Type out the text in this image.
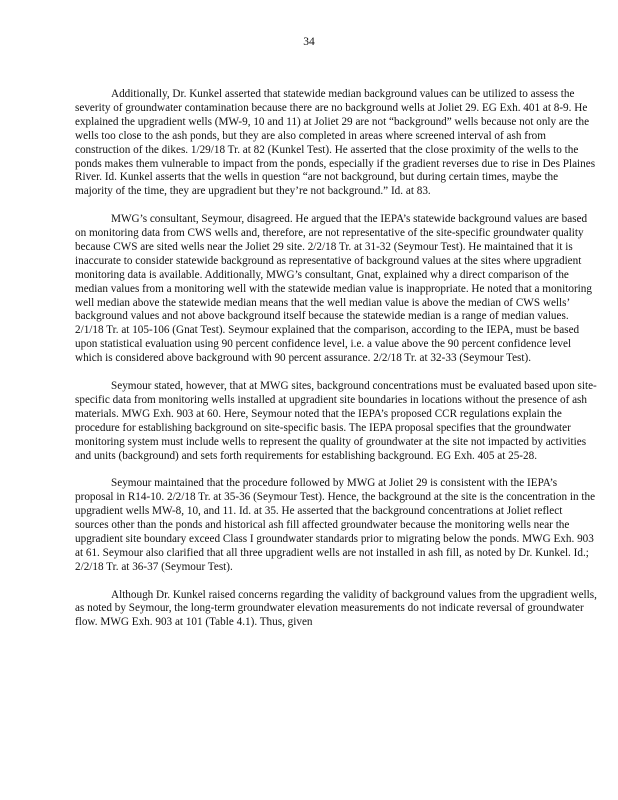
34

Additionally, Dr. Kunkel asserted that statewide median background values can be utilized to assess the severity of groundwater contamination because there are no background wells at Joliet 29. EG Exh. 401 at 8-9. He explained the upgradient wells (MW-9, 10 and 11) at Joliet 29 are not “background” wells because not only are the wells too close to the ash ponds, but they are also completed in areas where screened interval of ash from construction of the dikes. 1/29/18 Tr. at 82 (Kunkel Test). He asserted that the close proximity of the wells to the ponds makes them vulnerable to impact from the ponds, especially if the gradient reverses due to rise in Des Plaines River. Id. Kunkel asserts that the wells in question “are not background, but during certain times, maybe the majority of the time, they are upgradient but they’re not background.” Id. at 83.

MWG’s consultant, Seymour, disagreed. He argued that the IEPA’s statewide background values are based on monitoring data from CWS wells and, therefore, are not representative of the site-specific groundwater quality because CWS are sited wells near the Joliet 29 site. 2/2/18 Tr. at 31-32 (Seymour Test). He maintained that it is inaccurate to consider statewide background as representative of background values at the sites where upgradient monitoring data is available. Additionally, MWG’s consultant, Gnat, explained why a direct comparison of the median values from a monitoring well with the statewide median value is inappropriate. He noted that a monitoring well median above the statewide median means that the well median value is above the median of CWS wells’ background values and not above background itself because the statewide median is a range of median values. 2/1/18 Tr. at 105-106 (Gnat Test). Seymour explained that the comparison, according to the IEPA, must be based upon statistical evaluation using 90 percent confidence level, i.e. a value above the 90 percent confidence level which is considered above background with 90 percent assurance. 2/2/18 Tr. at 32-33 (Seymour Test).

Seymour stated, however, that at MWG sites, background concentrations must be evaluated based upon site-specific data from monitoring wells installed at upgradient site boundaries in locations without the presence of ash materials. MWG Exh. 903 at 60. Here, Seymour noted that the IEPA’s proposed CCR regulations explain the procedure for establishing background on site-specific basis. The IEPA proposal specifies that the groundwater monitoring system must include wells to represent the quality of groundwater at the site not impacted by activities and units (background) and sets forth requirements for establishing background. EG Exh. 405 at 25-28.

Seymour maintained that the procedure followed by MWG at Joliet 29 is consistent with the IEPA’s proposal in R14-10. 2/2/18 Tr. at 35-36 (Seymour Test). Hence, the background at the site is the concentration in the upgradient wells MW-8, 10, and 11. Id. at 35. He asserted that the background concentrations at Joliet reflect sources other than the ponds and historical ash fill affected groundwater because the monitoring wells near the upgradient site boundary exceed Class I groundwater standards prior to migrating below the ponds. MWG Exh. 903 at 61. Seymour also clarified that all three upgradient wells are not installed in ash fill, as noted by Dr. Kunkel. Id.; 2/2/18 Tr. at 36-37 (Seymour Test).

Although Dr. Kunkel raised concerns regarding the validity of background values from the upgradient wells, as noted by Seymour, the long-term groundwater elevation measurements do not indicate reversal of groundwater flow. MWG Exh. 903 at 101 (Table 4.1). Thus, given
